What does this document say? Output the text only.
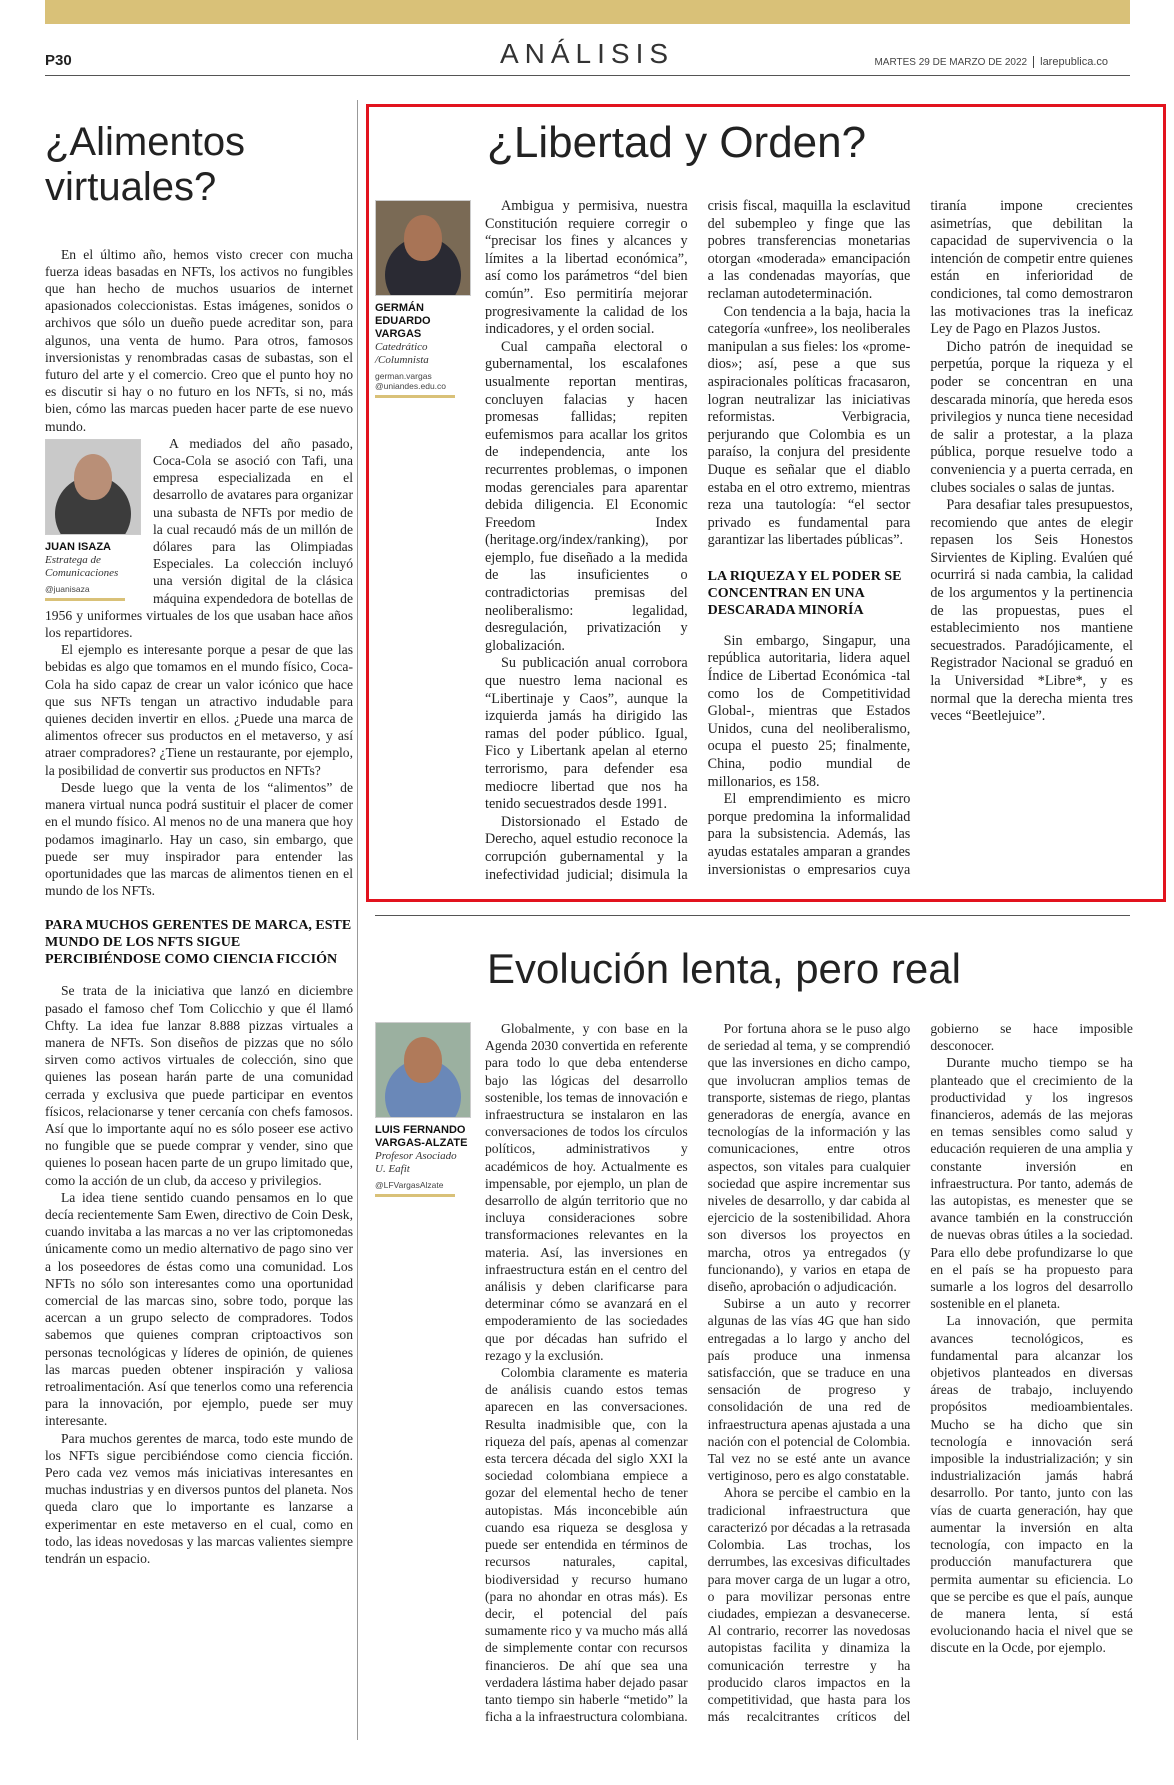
P30	ANÁLISIS	MARTES 29 DE MARZO DE 2022 larepublica.co
¿Alimentos virtuales?

En el último año, hemos visto crecer con mucha fuerza ideas basadas en NFTs, los activos no fungibles que han hecho de muchos usuarios de internet apasionados coleccionistas. Estas imágenes, sonidos o archivos que sólo un dueño puede acreditar son, para algunos, una venta de humo. Para otros, famosos inversionistas y renombradas casas de subastas, son el futuro del arte y el comercio. Creo que el punto hoy no es discutir si hay o no futuro en los NFTs, si no, más bien, cómo las marcas pueden hacer parte de ese nuevo mundo.

JUAN ISAZA
Estratega de Comunicaciones
@juanisaza

A mediados del año pasado, Coca-Cola se asoció con Tafi, una empresa especializada en el desarrollo de avatares para organizar una subasta de NFTs por medio de la cual recaudó más de un millón de dólares para las Olimpiadas Especiales. La colección incluyó una versión digital de la clásica máquina expendedora de botellas de 1956 y uniformes virtuales de los que usaban hace años los repartidores.

El ejemplo es interesante porque a pesar de que las bebidas es algo que tomamos en el mundo físico, Coca-Cola ha sido capaz de crear un valor icónico que hace que sus NFTs tengan un atractivo indudable para quienes deciden invertir en ellos. ¿Puede una marca de alimentos ofrecer sus productos en el metaverso, y así atraer compradores? ¿Tiene un restaurante, por ejemplo, la posibilidad de convertir sus productos en NFTs?

Desde luego que la venta de los “alimentos” de manera virtual nunca podrá sustituir el placer de comer en el mundo físico. Al menos no de una manera que hoy podamos imaginarlo. Hay un caso, sin embargo, que puede ser muy inspirador para entender las oportunidades que las marcas de alimentos tienen en el mundo de los NFTs.

PARA MUCHOS GERENTES DE MARCA, ESTE MUNDO DE LOS NFTS SIGUE PERCIBIÉNDOSE COMO CIENCIA FICCIÓN

Se trata de la iniciativa que lanzó en diciembre pasado el famoso chef Tom Colicchio y que él llamó Chfty. La idea fue lanzar 8.888 pizzas virtuales a manera de NFTs. Son diseños de pizzas que no sólo sirven como activos virtuales de colección, sino que quienes las posean harán parte de una comunidad cerrada y exclusiva que puede participar en eventos físicos, relacionarse y tener cercanía con chefs famosos. Así que lo importante aquí no es sólo poseer ese activo no fungible que se puede comprar y vender, sino que quienes lo posean hacen parte de un grupo limitado que, como la acción de un club, da acceso y privilegios.

La idea tiene sentido cuando pensamos en lo que decía recientemente Sam Ewen, directivo de Coin Desk, cuando invitaba a las marcas a no ver las criptomonedas únicamente como un medio alternativo de pago sino ver a los poseedores de éstas como una comunidad. Los NFTs no sólo son interesantes como una oportunidad comercial de las marcas sino, sobre todo, porque las acercan a un grupo selecto de compradores. Todos sabemos que quienes compran criptoactivos son personas tecnológicas y líderes de opinión, de quienes las marcas pueden obtener inspiración y valiosa retroalimentación. Así que tenerlos como una referencia para la innovación, por ejemplo, puede ser muy interesante.

Para muchos gerentes de marca, todo este mundo de los NFTs sigue percibiéndose como ciencia ficción. Pero cada vez vemos más iniciativas interesantes en muchas industrias y en diversos puntos del planeta. Nos queda claro que lo importante es lanzarse a experimentar en este metaverso en el cual, como en todo, las ideas novedosas y las marcas valientes siempre tendrán un espacio.

¿Libertad y Orden?
GERMÁN EDUARDO VARGAS
Catedrático /Columnista
german.vargas @uniandes.edu.co

Ambigua y permisiva, nuestra Constitución requiere corregir o “precisar los fines y alcances y límites a la libertad económica”, así como los parámetros “del bien común”. Eso permitiría mejorar progresivamente la calidad de los indicadores, y el orden social.

Cual campaña electoral o gubernamental, los escalafones usualmente reportan mentiras, concluyen falacias y hacen promesas fallidas; repiten eufemismos para acallar los gritos de independencia, ante los recurrentes problemas, o imponen modas gerenciales para aparentar debida diligencia. El Economic Freedom Index (heritage.org/index/ranking), por ejemplo, fue diseñado a la medida de las insuficientes o contradictorias premisas del neoliberalismo: legalidad, desregulación, privatización y globalización.

Su publicación anual corrobora que nuestro lema nacional es “Libertinaje y Caos”, aunque la izquierda jamás ha dirigido las ramas del poder público. Igual, Fico y Libertank apelan al eterno terrorismo, para defender esa mediocre libertad que nos ha tenido secuestrados desde 1991.

Distorsionado el Estado de Derecho, aquel estudio reconoce la corrupción gubernamental y la inefectividad judicial; disimula la crisis fiscal, maquilla la esclavitud del subempleo y finge que las pobres transferencias monetarias otorgan «moderada» emancipación a las condenadas mayorías, que reclaman autodeterminación.

Con tendencia a la baja, hacia la categoría «unfree», los neoliberales manipulan a sus fieles: los «prome-dios»; así, pese a que sus aspiracionales políticas fracasaron, logran neutralizar las iniciativas reformistas. Verbigracia, perjurando que Colombia es un paraíso, la conjura del presidente Duque es señalar que el diablo estaba en el otro extremo, mientras reza una tautología: “el sector privado es fundamental para garantizar las libertades públicas”.

LA RIQUEZA Y EL PODER SE CONCENTRAN EN UNA DESCARADA MINORÍA

Sin embargo, Singapur, una república autoritaria, lidera aquel Índice de Libertad Económica -tal como los de Competitividad Global-, mientras que Estados Unidos, cuna del neoliberalismo, ocupa el puesto 25; finalmente, China, podio mundial de millonarios, es 158.

El emprendimiento es micro porque predomina la informalidad para la subsistencia. Además, las ayudas estatales amparan a grandes inversionistas o empresarios cuya tiranía impone crecientes asimetrías, que debilitan la capacidad de supervivencia o la intención de competir entre quienes están en inferioridad de condiciones, tal como demostraron las motivaciones tras la ineficaz Ley de Pago en Plazos Justos.

Dicho patrón de inequidad se perpetúa, porque la riqueza y el poder se concentran en una descarada minoría, que hereda esos privilegios y nunca tiene necesidad de salir a protestar, a la plaza pública, porque resuelve todo a conveniencia y a puerta cerrada, en clubes sociales o salas de juntas.

Para desafiar tales presupuestos, recomiendo que antes de elegir repasen los Seis Honestos Sirvientes de Kipling. Evalúen qué ocurrirá si nada cambia, la calidad de los argumentos y la pertinencia de las propuestas, pues el establecimiento nos mantiene secuestrados. Paradójicamente, el Registrador Nacional se graduó en la Universidad *Libre*, y es normal que la derecha mienta tres veces “Beetlejuice”.

Evolución lenta, pero real
LUIS FERNANDO VARGAS-ALZATE
Profesor Asociado U. Eafit
@LFVargasAlzate

Globalmente, y con base en la Agenda 2030 convertida en referente para todo lo que deba entenderse bajo las lógicas del desarrollo sostenible, los temas de innovación e infraestructura se instalaron en las conversaciones de todos los círculos políticos, administrativos y académicos de hoy. Actualmente es impensable, por ejemplo, un plan de desarrollo de algún territorio que no incluya consideraciones sobre transformaciones relevantes en la materia. Así, las inversiones en infraestructura están en el centro del análisis y deben clarificarse para determinar cómo se avanzará en el empoderamiento de las sociedades que por décadas han sufrido el rezago y la exclusión.

Colombia claramente es materia de análisis cuando estos temas aparecen en las conversaciones. Resulta inadmisible que, con la riqueza del país, apenas al comenzar esta tercera década del siglo XXI la sociedad colombiana empiece a gozar del elemental hecho de tener autopistas. Más inconcebible aún cuando esa riqueza se desglosa y puede ser entendida en términos de recursos naturales, capital, biodiversidad y recurso humano (para no ahondar en otras más). Es decir, el potencial del país sumamente rico y va mucho más allá de simplemente contar con recursos financieros. De ahí que sea una verdadera lástima haber dejado pasar tanto tiempo sin haberle “metido” la ficha a la infraestructura colombiana.

Por fortuna ahora se le puso algo de seriedad al tema, y se comprendió que las inversiones en dicho campo, que involucran amplios temas de transporte, sistemas de riego, plantas generadoras de energía, avance en tecnologías de la información y las comunicaciones, entre otros aspectos, son vitales para cualquier sociedad que aspire incrementar sus niveles de desarrollo, y dar cabida al ejercicio de la sostenibilidad. Ahora son diversos los proyectos en marcha, otros ya entregados (y funcionando), y varios en etapa de diseño, aprobación o adjudicación.

Subirse a un auto y recorrer algunas de las vías 4G que han sido entregadas a lo largo y ancho del país produce una inmensa satisfacción, que se traduce en una sensación de progreso y consolidación de una red de infraestructura apenas ajustada a una nación con el potencial de Colombia. Tal vez no se esté ante un avance vertiginoso, pero es algo constatable.

Ahora se percibe el cambio en la tradicional infraestructura que caracterizó por décadas a la retrasada Colombia. Las trochas, los derrumbes, las excesivas dificultades para mover carga de un lugar a otro, o para movilizar personas entre ciudades, empiezan a desvanecerse. Al contrario, recorrer las novedosas autopistas facilita y dinamiza la comunicación terrestre y ha producido claros impactos en la competitividad, que hasta para los más recalcitrantes críticos del gobierno se hace imposible desconocer.

Durante mucho tiempo se ha planteado que el crecimiento de la productividad y los ingresos financieros, además de las mejoras en temas sensibles como salud y educación requieren de una amplia y constante inversión en infraestructura. Por tanto, además de las autopistas, es menester que se avance también en la construcción de nuevas obras útiles a la sociedad. Para ello debe profundizarse lo que en el país se ha propuesto para sumarle a los logros del desarrollo sostenible en el planeta.

La innovación, que permita avances tecnológicos, es fundamental para alcanzar los objetivos planteados en diversas áreas de trabajo, incluyendo propósitos medioambientales. Mucho se ha dicho que sin tecnología e innovación será imposible la industrialización; y sin industrialización jamás habrá desarrollo. Por tanto, junto con las vías de cuarta generación, hay que aumentar la inversión en alta tecnología, con impacto en la producción manufacturera que permita aumentar su eficiencia. Lo que se percibe es que el país, aunque de manera lenta, sí está evolucionando hacia el nivel que se discute en la Ocde, por ejemplo.
